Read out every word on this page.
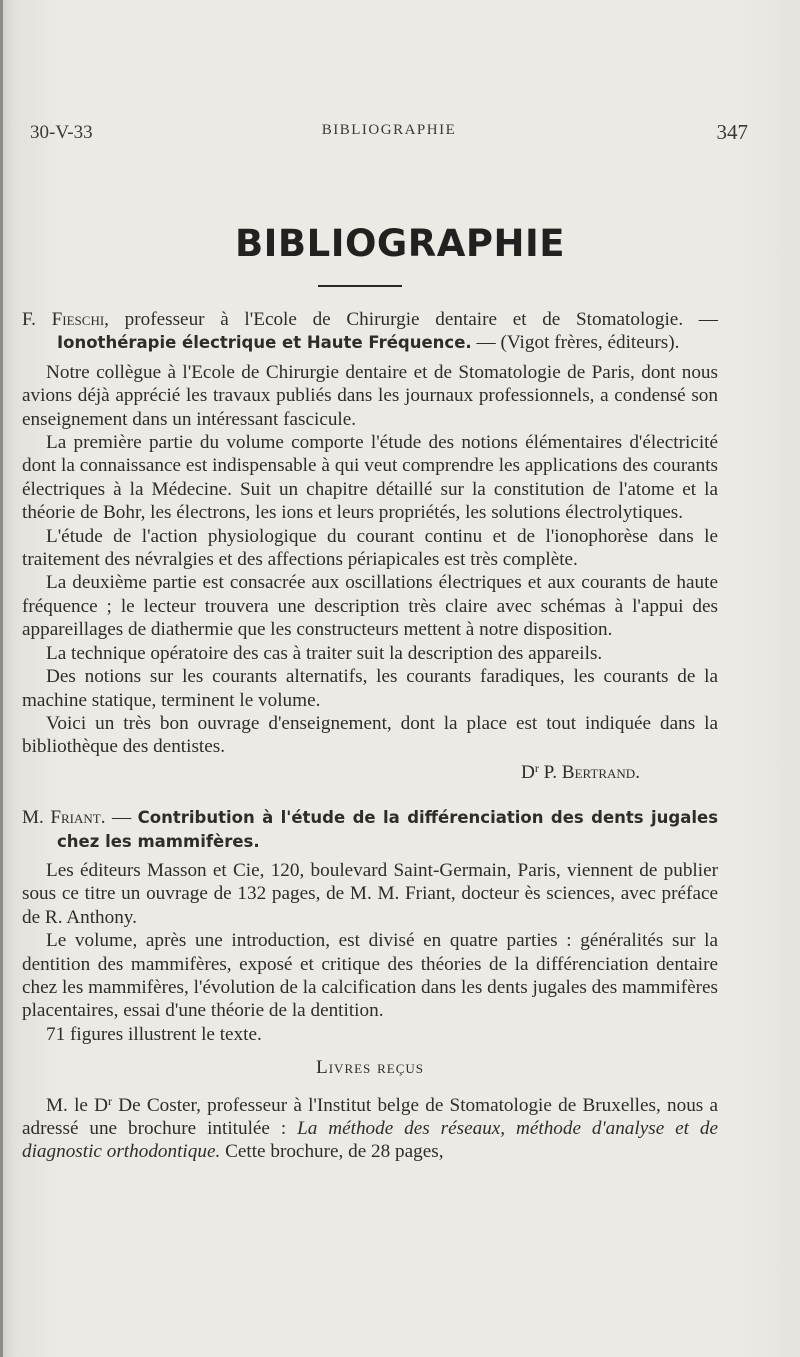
30-V-33	BIBLIOGRAPHIE	347
BIBLIOGRAPHIE

F. Fieschi, professeur à l'Ecole de Chirurgie dentaire et de Stomatologie. — Ionothérapie électrique et Haute Fréquence. — (Vigot frères, éditeurs).

Notre collègue à l'Ecole de Chirurgie dentaire et de Stomatologie de Paris, dont nous avions déjà apprécié les travaux publiés dans les journaux professionnels, a condensé son enseignement dans un intéressant fascicule.

La première partie du volume comporte l'étude des notions élémentaires d'électricité dont la connaissance est indispensable à qui veut comprendre les applications des courants électriques à la Médecine. Suit un chapitre détaillé sur la constitution de l'atome et la théorie de Bohr, les électrons, les ions et leurs propriétés, les solutions électrolytiques.

L'étude de l'action physiologique du courant continu et de l'ionophorèse dans le traitement des névralgies et des affections périapicales est très complète.

La deuxième partie est consacrée aux oscillations électriques et aux courants de haute fréquence ; le lecteur trouvera une description très claire avec schémas à l'appui des appareillages de diathermie que les constructeurs mettent à notre disposition.

La technique opératoire des cas à traiter suit la description des appareils.

Des notions sur les courants alternatifs, les courants faradiques, les courants de la machine statique, terminent le volume.

Voici un très bon ouvrage d'enseignement, dont la place est tout indiquée dans la bibliothèque des dentistes.

$D^r$ P. Bertrand.

M. Friant. — Contribution à l'étude de la différenciation des dents jugales chez les mammifères.

Les éditeurs Masson et Cie, 120, boulevard Saint-Germain, Paris, viennent de publier sous ce titre un ouvrage de 132 pages, de M. M. Friant, docteur ès sciences, avec préface de R. Anthony.

Le volume, après une introduction, est divisé en quatre parties : généralités sur la dentition des mammifères, exposé et critique des théories de la différenciation dentaire chez les mammifères, l'évolution de la calcification dans les dents jugales des mammifères placentaires, essai d'une théorie de la dentition.

71 figures illustrent le texte.

Livres reçus

M. le $D^r$ De Coster, professeur à l'Institut belge de Stomatologie de Bruxelles, nous a adressé une brochure intitulée : La méthode des réseaux, méthode d'analyse et de diagnostic orthodontique. Cette brochure, de 28 pages,
